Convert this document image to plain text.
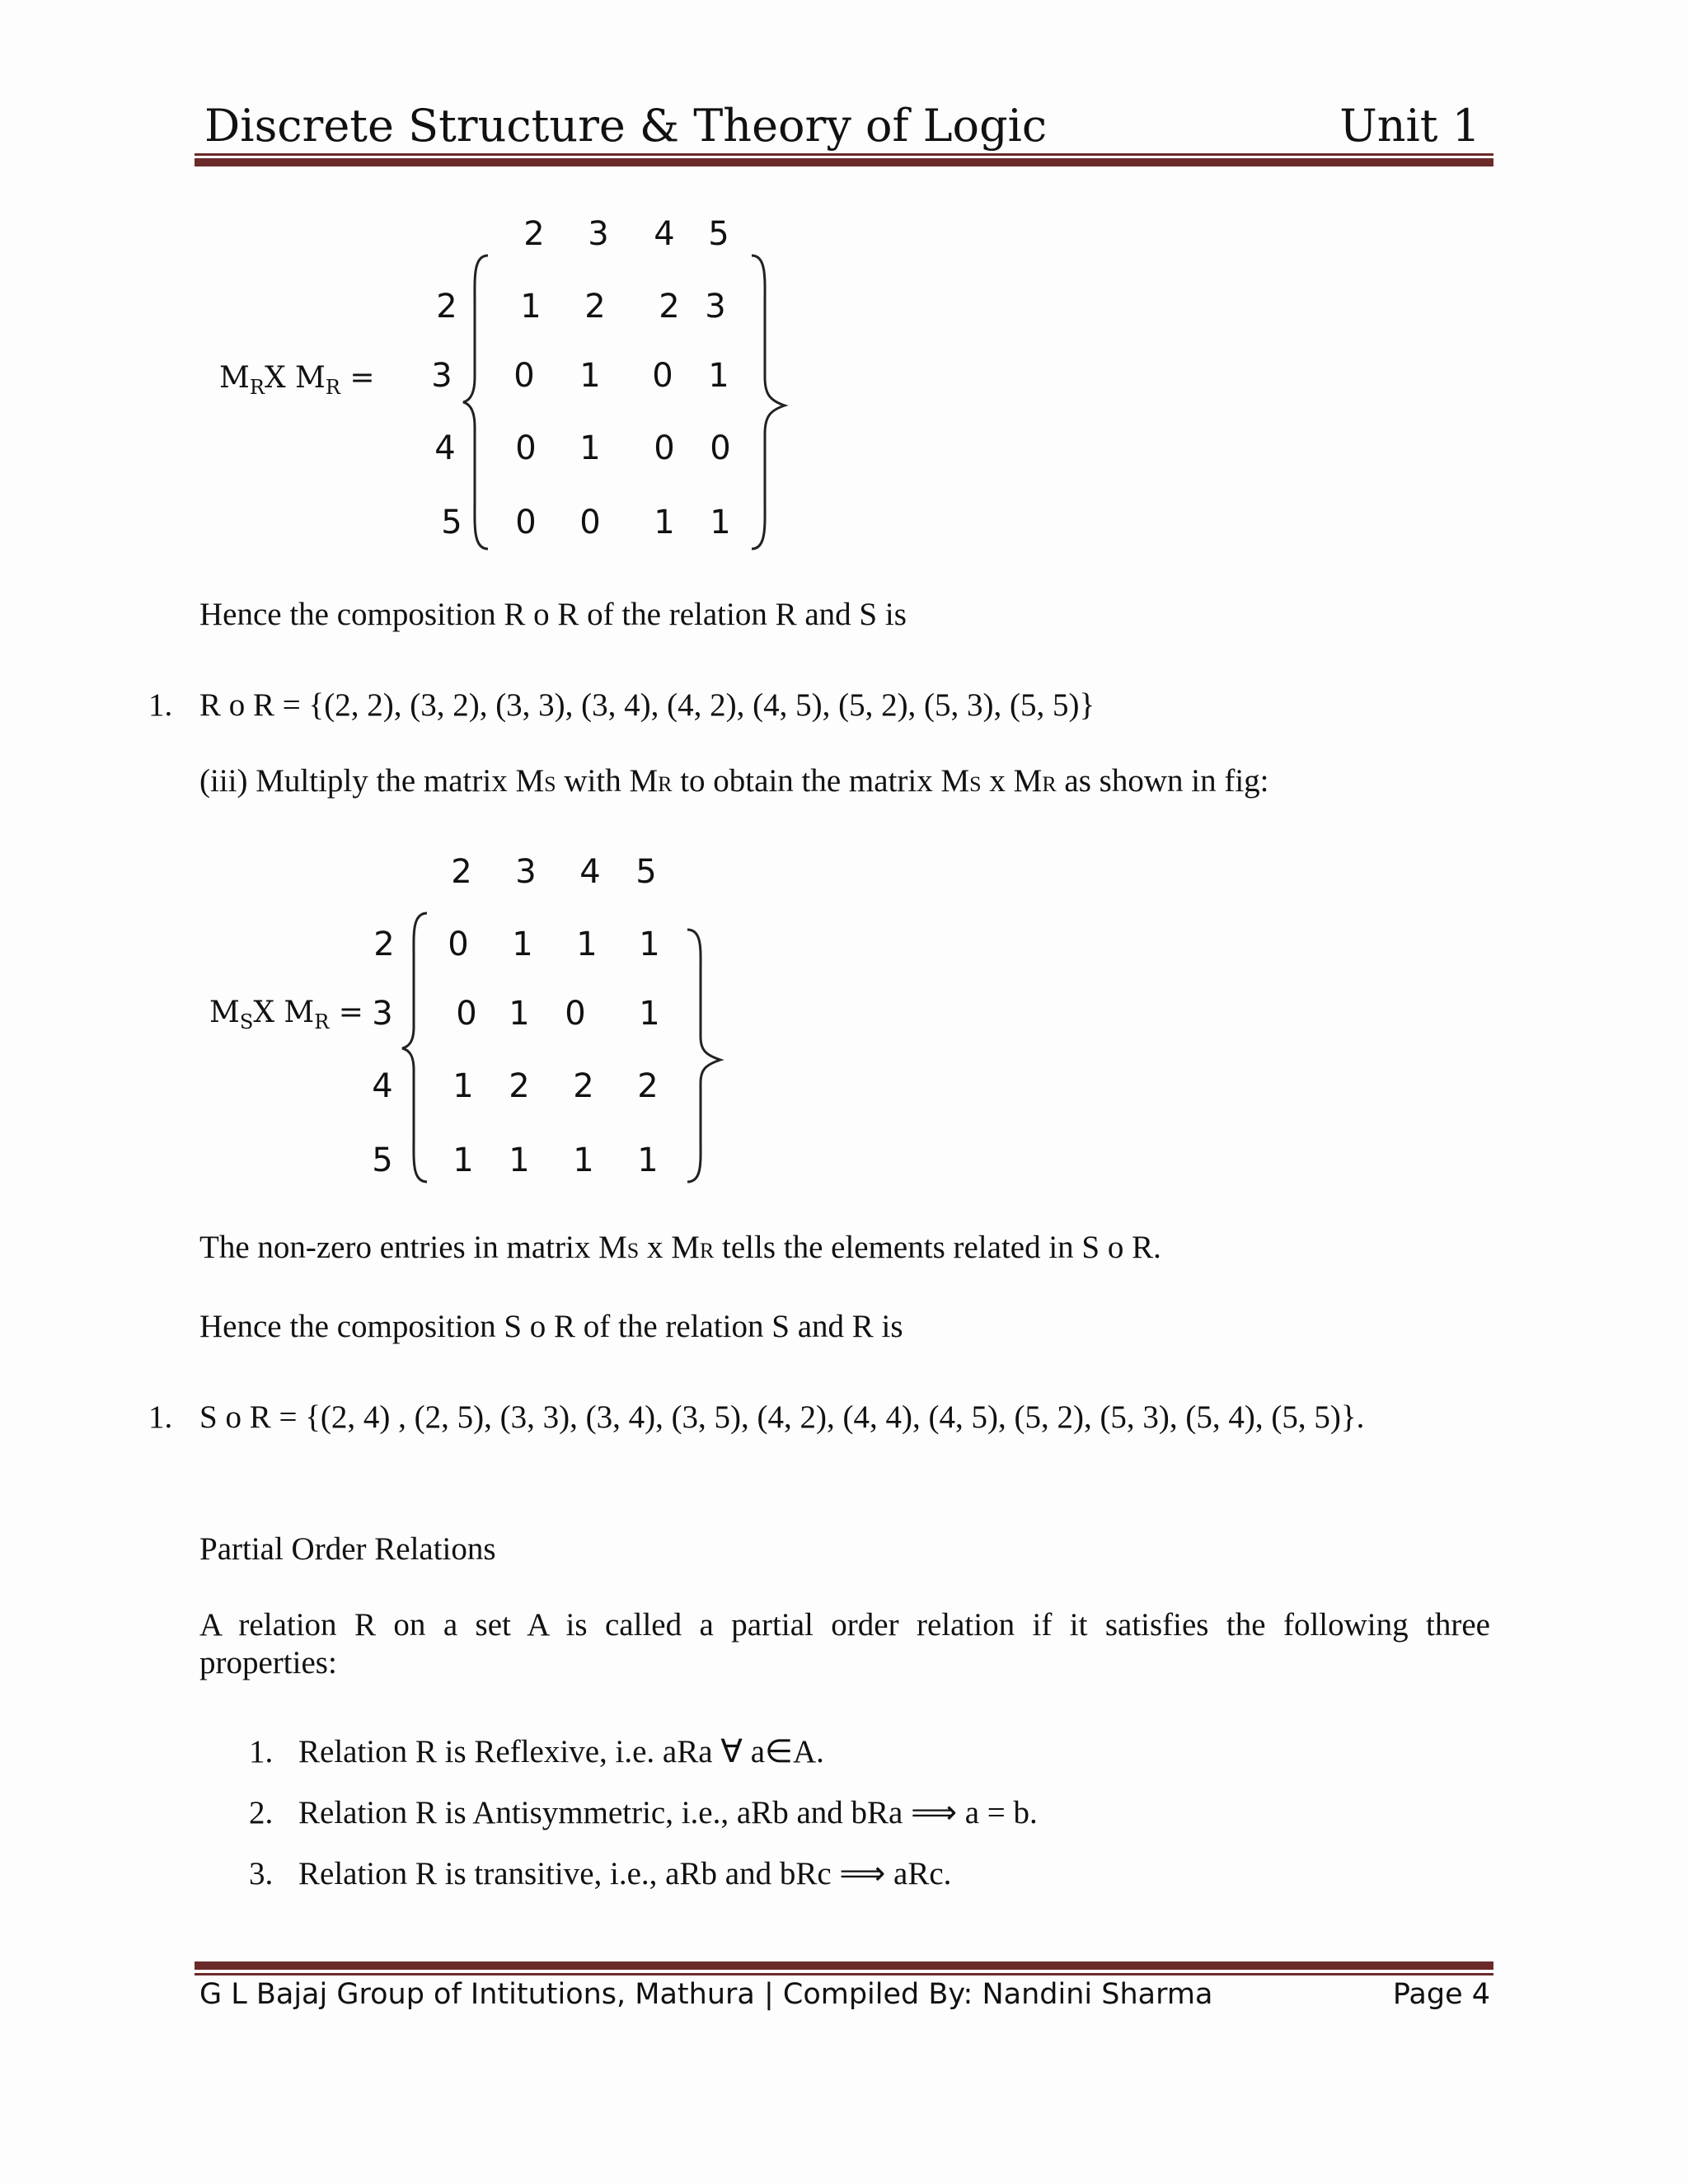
Discrete Structure & Theory of Logic	Unit 1
$M_RX$ $M_R$ =
2 3 4 5
2
3
4
5
1 2 2 3
0 1 0 1
0 1 0 0
0 0 1 1
Hence the composition R o R of the relation R and S is
1. R o R = {(2, 2), (3, 2), (3, 3), (3, 4), (4, 2), (4, 5), (5, 2), (5, 3), (5, 5)}
(iii) Multiply the matrix MS with MR to obtain the matrix MS x MR as shown in fig:
$M_SX$ $M_R$ =
2 3 4 5
2
3
4
5
0 1 1 1
0 1 0 1
1 2 2 2
1 1 1 1
The non-zero entries in matrix MS x MR tells the elements related in S o R.
Hence the composition S o R of the relation S and R is
1. S o R = {(2, 4) , (2, 5), (3, 3), (3, 4), (3, 5), (4, 2), (4, 4), (4, 5), (5, 2), (5, 3), (5, 4), (5, 5)}.
Partial Order Relations
A relation R on a set A is called a partial order relation if it satisfies the following three
properties:
1. Relation R is Reflexive, i.e. aRa ∀ a∈A.
2. Relation R is Antisymmetric, i.e., aRb and bRa ⟹ a = b.
3. Relation R is transitive, i.e., aRb and bRc ⟹ aRc.
G L Bajaj Group of Intitutions, Mathura | Compiled By: Nandini Sharma	Page 4
